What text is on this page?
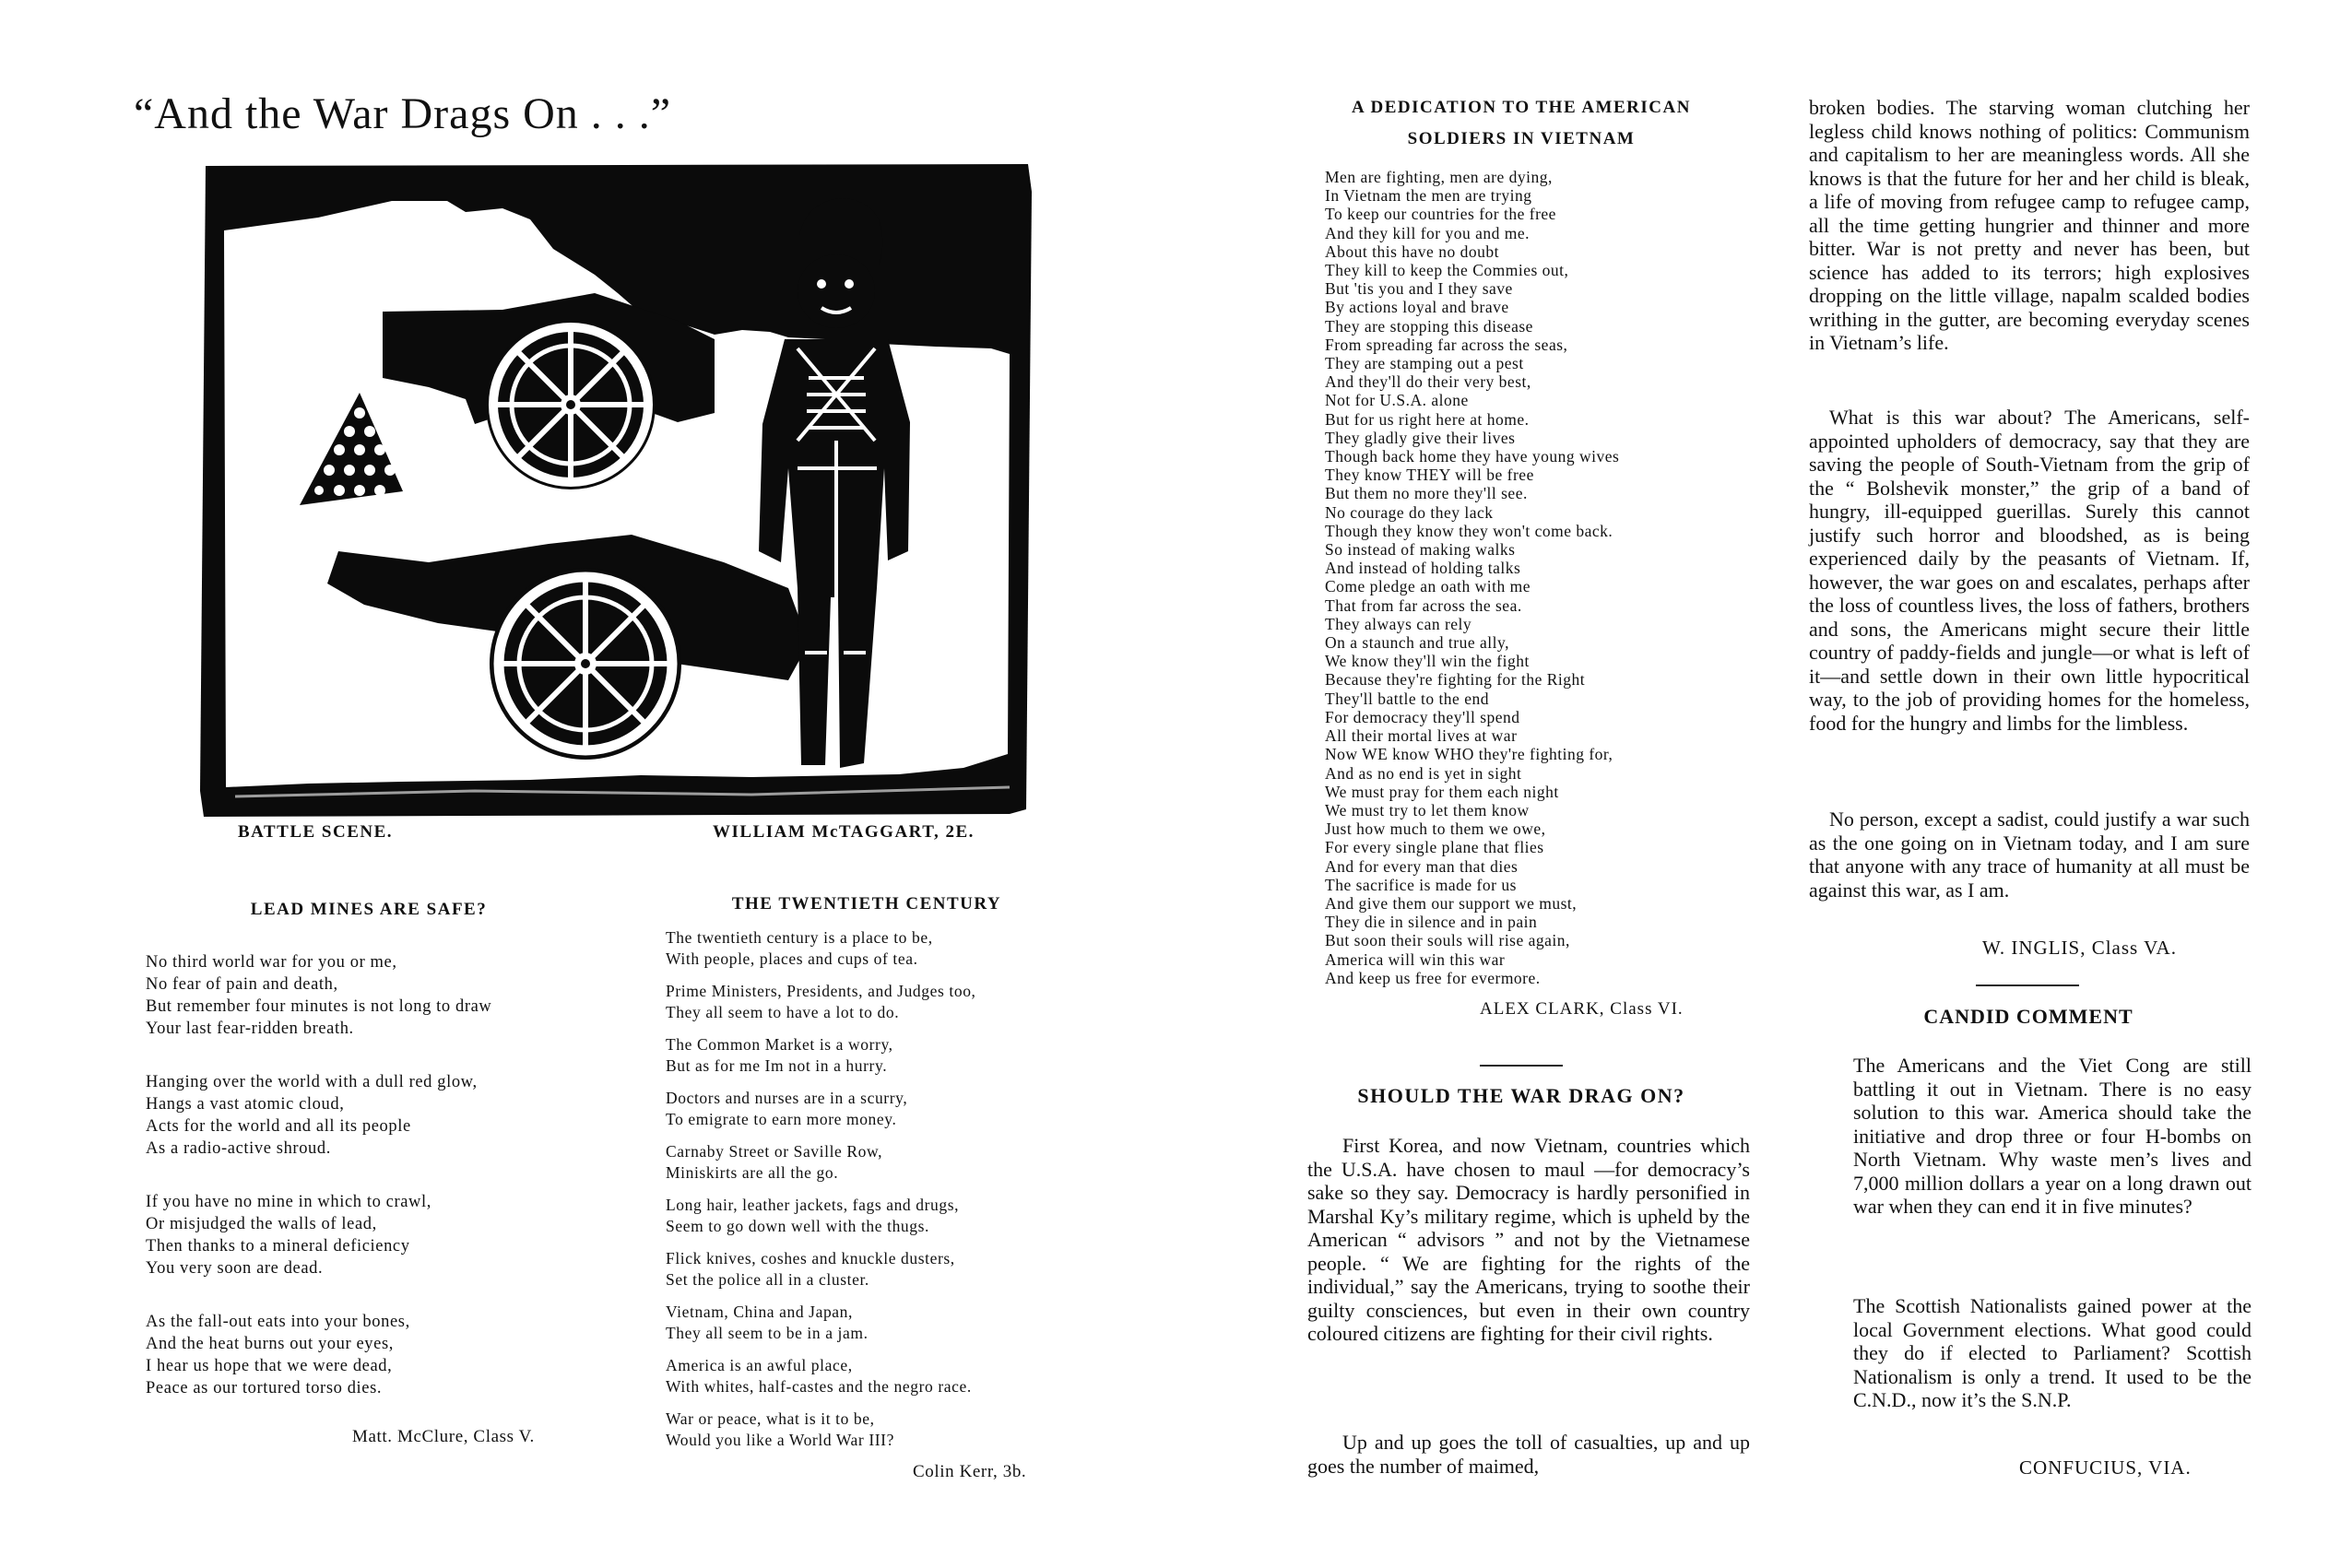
“And the War Drags On . . .”
BATTLE SCENE.	WILLIAM McTAGGART, 2E.
LEAD MINES ARE SAFE?
No third world war for you or me,
No fear of pain and death,
But remember four minutes is not long to draw
Your last fear-ridden breath.
Hanging over the world with a dull red glow,
Hangs a vast atomic cloud,
Acts for the world and all its people
As a radio-active shroud.
If you have no mine in which to crawl,
Or misjudged the walls of lead,
Then thanks to a mineral deficiency
You very soon are dead.
As the fall-out eats into your bones,
And the heat burns out your eyes,
I hear us hope that we were dead,
Peace as our tortured torso dies.
Matt. McClure, Class V.
THE TWENTIETH CENTURY
The twentieth century is a place to be,
With people, places and cups of tea.
Prime Ministers, Presidents, and Judges too,
They all seem to have a lot to do.
The Common Market is a worry,
But as for me Im not in a hurry.
Doctors and nurses are in a scurry,
To emigrate to earn more money.
Carnaby Street or Saville Row,
Miniskirts are all the go.
Long hair, leather jackets, fags and drugs,
Seem to go down well with the thugs.
Flick knives, coshes and knuckle dusters,
Set the police all in a cluster.
Vietnam, China and Japan,
They all seem to be in a jam.
America is an awful place,
With whites, half-castes and the negro race.
War or peace, what is it to be,
Would you like a World War III?
Colin Kerr, 3b.
A DEDICATION TO THE AMERICAN
SOLDIERS IN VIETNAM
Men are fighting, men are dying,
In Vietnam the men are trying
To keep our countries for the free
And they kill for you and me.
About this have no doubt
They kill to keep the Commies out,
But 'tis you and I they save
By actions loyal and brave
They are stopping this disease
From spreading far across the seas,
They are stamping out a pest
And they'll do their very best,
Not for U.S.A. alone
But for us right here at home.
They gladly give their lives
Though back home they have young wives
They know THEY will be free
But them no more they'll see.
No courage do they lack
Though they know they won't come back.
So instead of making walks
And instead of holding talks
Come pledge an oath with me
That from far across the sea.
They always can rely
On a staunch and true ally,
We know they'll win the fight
Because they're fighting for the Right
They'll battle to the end
For democracy they'll spend
All their mortal lives at war
Now WE know WHO they're fighting for,
And as no end is yet in sight
We must pray for them each night
We must try to let them know
Just how much to them we owe,
For every single plane that flies
And for every man that dies
The sacrifice is made for us
And give them our support we must,
They die in silence and in pain
But soon their souls will rise again,
America will win this war
And keep us free for evermore.
ALEX CLARK, Class VI.
SHOULD THE WAR DRAG ON?
First Korea, and now Vietnam, countries which the U.S.A. have chosen to maul —for democracy’s sake so they say. Democracy is hardly personified in Marshal Ky’s military regime, which is upheld by the American “ advisors ” and not by the Vietnamese people. “ We are fighting for the rights of the individual,” say the Americans, trying to soothe their guilty consciences, but even in their own country coloured citizens are fighting for their civil rights.
Up and up goes the toll of casualties, up and up goes the number of maimed,
broken bodies. The starving woman clutching her legless child knows nothing of politics: Communism and capitalism to her are meaningless words. All she knows is that the future for her and her child is bleak, a life of moving from refugee camp to refugee camp, all the time getting hungrier and thinner and more bitter. War is not pretty and never has been, but science has added to its terrors; high explosives dropping on the little village, napalm scalded bodies writhing in the gutter, are becoming everyday scenes in Vietnam’s life.
What is this war about? The Americans, self-appointed upholders of democracy, say that they are saving the people of South-Vietnam from the grip of the “ Bolshevik monster,” the grip of a band of hungry, ill-equipped guerillas. Surely this cannot justify such horror and bloodshed, as is being experienced daily by the peasants of Vietnam. If, however, the war goes on and escalates, perhaps after the loss of countless lives, the loss of fathers, brothers and sons, the Americans might secure their little country of paddy-fields and jungle—or what is left of it—and settle down in their own little hypocritical way, to the job of providing homes for the homeless, food for the hungry and limbs for the limbless.
No person, except a sadist, could justify a war such as the one going on in Vietnam today, and I am sure that anyone with any trace of humanity at all must be against this war, as I am.
W. INGLIS, Class VA.
CANDID COMMENT
The Americans and the Viet Cong are still battling it out in Vietnam. There is no easy solution to this war. America should take the initiative and drop three or four H-bombs on North Vietnam. Why waste men’s lives and 7,000 million dollars a year on a long drawn out war when they can end it in five minutes?
The Scottish Nationalists gained power at the local Government elections. What good could they do if elected to Parliament? Scottish Nationalism is only a trend. It used to be the C.N.D., now it’s the S.N.P.
CONFUCIUS, VIA.
